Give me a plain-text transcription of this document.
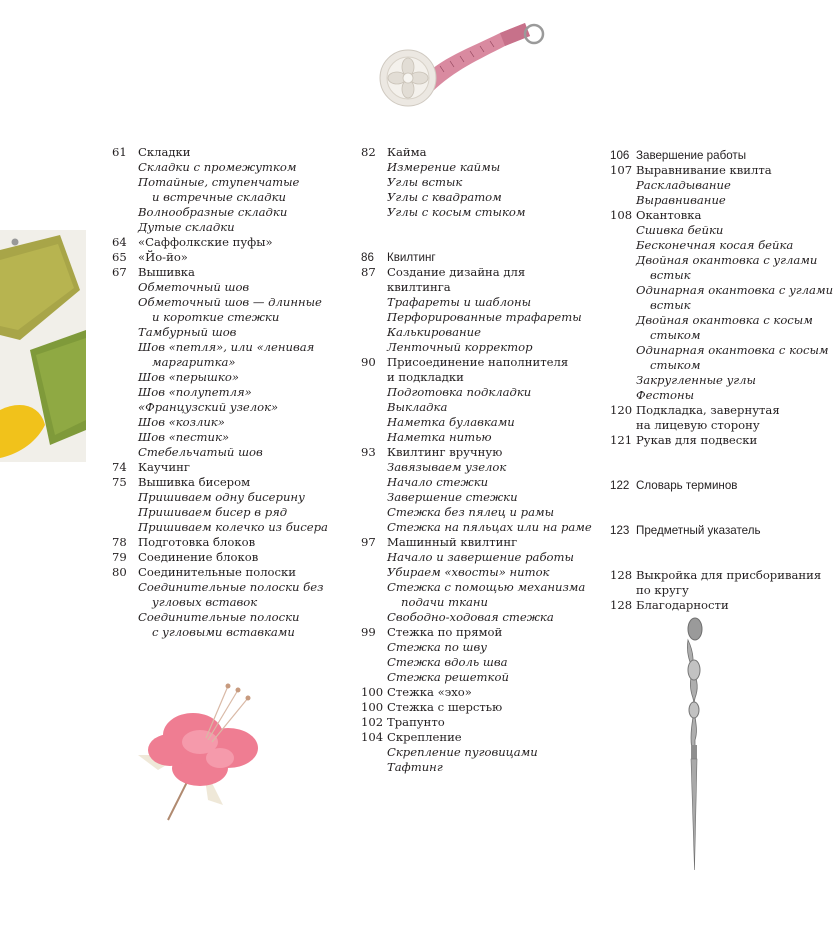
61 Складки
Складки с промежутком
Потайные, ступенчатые
и встречные складки
Волнообразные складки
Дутые складки
64 «Саффолкские пуфы»
65 «Йо-йо»
67 Вышивка
Обметочный шов
Обметочный шов — длинные
и короткие стежки
Тамбурный шов
Шов «петля», или «ленивая
маргаритка»
Шов «перышко»
Шов «полупетля»
«Французский узелок»
Шов «козлик»
Шов «пестик»
Стебельчатый шов
74 Каучинг
75 Вышивка бисером
Пришиваем одну бисерину
Пришиваем бисер в ряд
Пришиваем колечко из бисера
78 Подготовка блоков
79 Соединение блоков
80 Соединительные полоски
Соединительные полоски без
угловых вставок
Соединительные полоски
с угловыми вставками
82 Кайма
Измерение каймы
Углы встык
Углы с квадратом
Углы с косым стыком
86 Квилтинг
87 Создание дизайна для
квилтинга
Трафареты и шаблоны
Перфорированные трафареты
Калькирование
Ленточный корректор
90 Присоединение наполнителя
и подкладки
Подготовка подкладки
Выкладка
Наметка булавками
Наметка нитью
93 Квилтинг вручную
Завязываем узелок
Начало стежки
Завершение стежки
Стежка без пялец и рамы
Стежка на пяльцах или на раме
97 Машинный квилтинг
Начало и завершение работы
Убираем «хвосты» ниток
Стежка с помощью механизма
подачи ткани
Свободно-ходовая стежка
99 Стежка по прямой
Стежка по шву
Стежка вдоль шва
Стежка решеткой
100 Стежка «эхо»
100 Стежка с шерстью
102 Трапунто
104 Скрепление
Скрепление пуговицами
Тафтинг
106 Завершение работы
107 Выравнивание квилта
Раскладывание
Выравнивание
108 Окантовка
Сшивка бейки
Бесконечная косая бейка
Двойная окантовка с углами
встык
Одинарная окантовка с углами
встык
Двойная окантовка с косым
стыком
Одинарная окантовка с косым
стыком
Закругленные углы
Фестоны
120 Подкладка, завернутая
на лицевую сторону
121 Рукав для подвески
122 Словарь терминов
123 Предметный указатель
128 Выкройка для присборивания
по кругу
128 Благодарности
